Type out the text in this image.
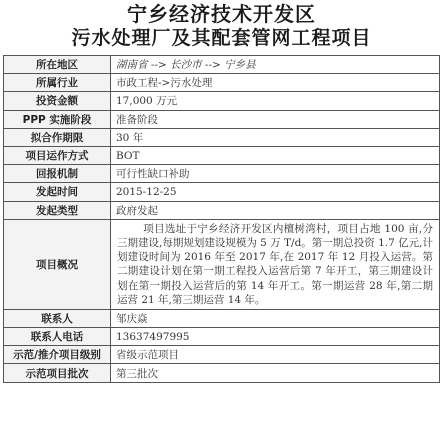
宁乡经济技术开发区
污水处理厂及其配套管网工程项目
所在地区	湖南省 --> 长沙市 --> 宁乡县
所属行业	市政工程->污水处理
投资金额	17,000 万元
PPP 实施阶段	准备阶段
拟合作期限	30 年
项目运作方式	BOT
回报机制	可行性缺口补助
发起时间	2015-12-25
发起类型	政府发起
项目概况	项目选址于宁乡经济开发区内檀树湾村，项目占地 100 亩,分三期建设,每期规划建设规模为 5 万 T/d。第一期总投资 1.7 亿元,计划建设时间为 2016 年至 2017 年,在 2017 年 12 月投入运营。第二期建设计划在第一期工程投入运营后第 7 年开工，第三期建设计划在第一期投入运营后的第 14 年开工。第一期运营 28 年,第二期运营 21 年,第三期运营 14 年。
联系人	邹庆焱
联系人电话	13637497995
示范/推介项目级别	省级示范项目
示范项目批次	第三批次
